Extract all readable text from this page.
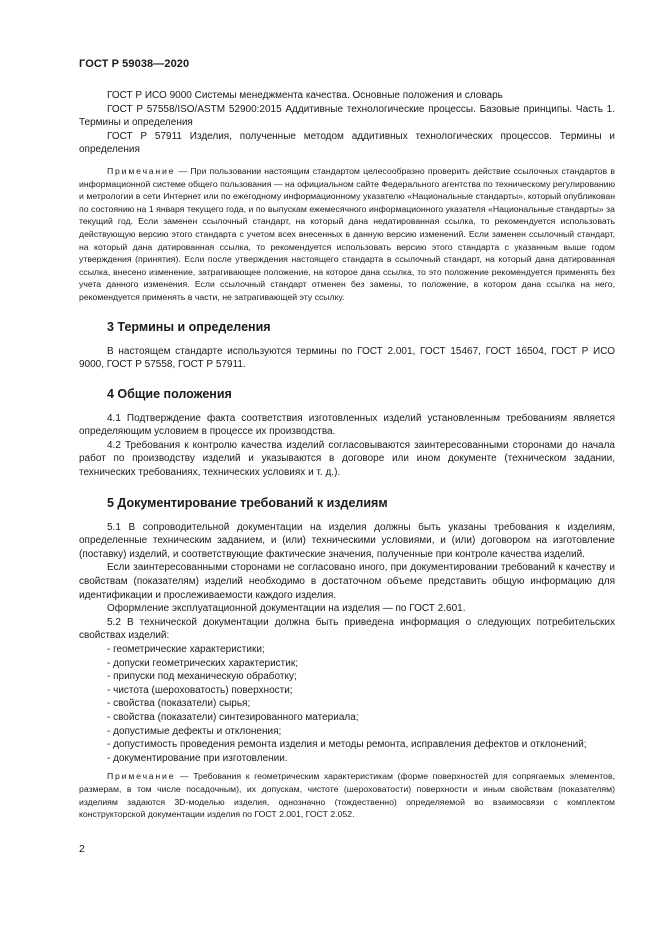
ГОСТ Р 59038—2020

ГОСТ Р ИСО 9000 Системы менеджмента качества. Основные положения и словарь

ГОСТ Р 57558/ISO/ASTM 52900:2015 Аддитивные технологические процессы. Базовые принципы. Часть 1. Термины и определения

ГОСТ Р 57911 Изделия, полученные методом аддитивных технологических процессов. Термины и определения

Примечание — При пользовании настоящим стандартом целесообразно проверить действие ссылочных стандартов в информационной системе общего пользования — на официальном сайте Федерального агентства по техническому регулированию и метрологии в сети Интернет или по ежегодному информационному указателю «Национальные стандарты», который опубликован по состоянию на 1 января текущего года, и по выпускам ежемесячного информационного указателя «Национальные стандарты» за текущий год. Если заменен ссылочный стандарт, на который дана недатированная ссылка, то рекомендуется использовать действующую версию этого стандарта с учетом всех внесенных в данную версию изменений. Если заменен ссылочный стандарт, на который дана датированная ссылка, то рекомендуется использовать версию этого стандарта с указанным выше годом утверждения (принятия). Если после утверждения настоящего стандарта в ссылочный стандарт, на который дана датированная ссылка, внесено изменение, затрагивающее положение, на которое дана ссылка, то это положение рекомендуется применять без учета данного изменения. Если ссылочный стандарт отменен без замены, то положение, в котором дана ссылка на него, рекомендуется применять в части, не затрагивающей эту ссылку.

3 Термины и определения

В настоящем стандарте используются термины по ГОСТ 2.001, ГОСТ 15467, ГОСТ 16504, ГОСТ Р ИСО 9000, ГОСТ Р 57558, ГОСТ Р 57911.

4 Общие положения

4.1 Подтверждение факта соответствия изготовленных изделий установленным требованиям является определяющим условием в процессе их производства.

4.2 Требования к контролю качества изделий согласовываются заинтересованными сторонами до начала работ по производству изделий и указываются в договоре или ином документе (техническом задании, технических требованиях, технических условиях и т. д.).

5 Документирование требований к изделиям

5.1 В сопроводительной документации на изделия должны быть указаны требования к изделиям, определенные техническим заданием, и (или) техническими условиями, и (или) договором на изготовление (поставку) изделий, и соответствующие фактические значения, полученные при контроле качества изделий.

Если заинтересованными сторонами не согласовано иного, при документировании требований к качеству и свойствам (показателям) изделий необходимо в достаточном объеме представить общую информацию для идентификации и прослеживаемости каждого изделия.

Оформление эксплуатационной документации на изделия — по ГОСТ 2.601.

5.2 В технической документации должна быть приведена информация о следующих потребительских свойствах изделий:

- геометрические характеристики;
- допуски геометрических характеристик;
- припуски под механическую обработку;
- чистота (шероховатость) поверхности;
- свойства (показатели) сырья;
- свойства (показатели) синтезированного материала;
- допустимые дефекты и отклонения;
- допустимость проведения ремонта изделия и методы ремонта, исправления дефектов и отклонений;
- документирование при изготовлении.

Примечание — Требования к геометрическим характеристикам (форме поверхностей для сопрягаемых элементов, размерам, в том числе посадочным), их допускам, чистоте (шероховатости) поверхности и иным свойствам (показателям) изделиям задаются 3D-моделью изделия, однозначно (тождественно) определяемой во взаимосвязи с комплектом конструкторской документации изделия по ГОСТ 2.001, ГОСТ 2.052.

2
